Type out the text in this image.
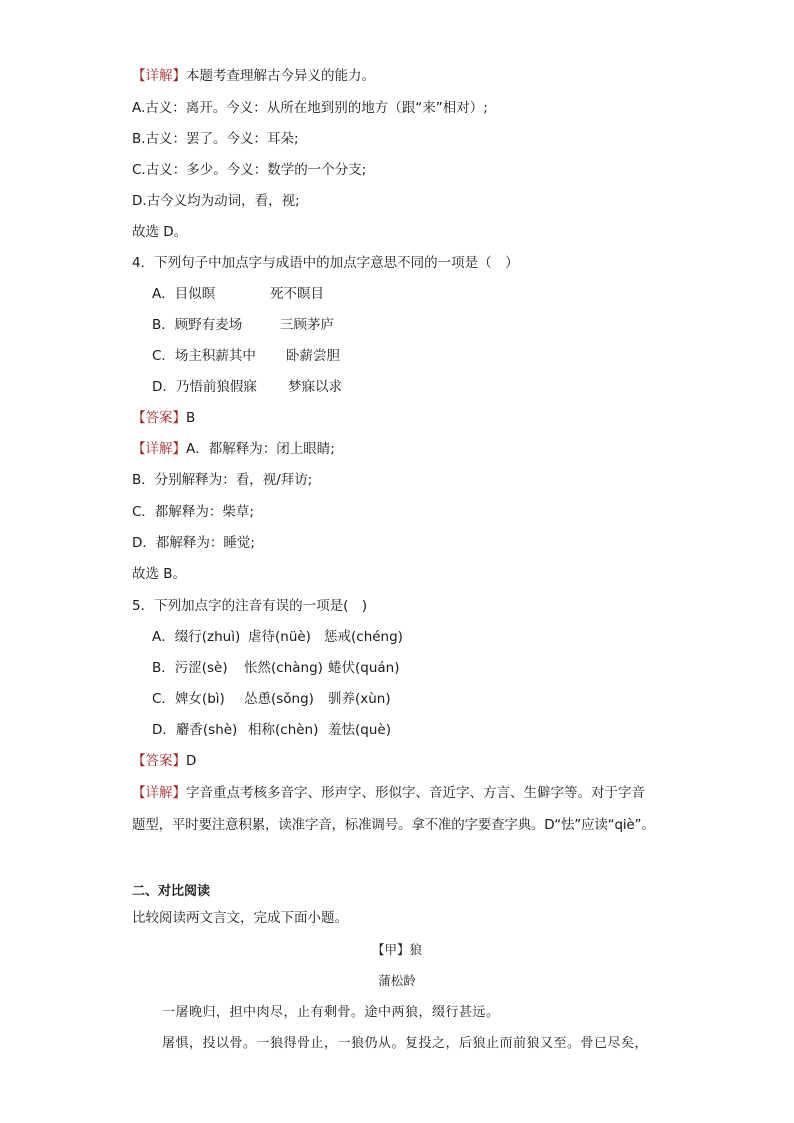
【详解】本题考查理解古今异义的能力。
A.古义：离开。今义：从所在地到别的地方（跟“来”相对）;
B.古义：罢了。今义：耳朵;
C.古义：多少。今义：数学的一个分支;
D.古今义均为动词，看，视;
故选 D。
4．下列句子中加点字与成语中的加点字意思不同的一项是（　）
A．目似瞑	死不瞑目
B．顾野有麦场	三顾茅庐
C．场主积薪其中 卧薪尝胆
D．乃悟前狼假寐 梦寐以求
【答案】B
【详解】A．都解释为：闭上眼睛;
B．分别解释为：看，视/拜访;
C．都解释为：柴草;
D．都解释为：睡觉;
故选 B。
5．下列加点字的注音有误的一项是(　)
A．缀行(zhuì) 虐待(nüè) 惩戒(chéng)
B．污涩(sè) 怅然(chàng) 蜷伏(quán)
C．婢女(bì) 怂恿(sǒng) 驯养(xùn)
D．麝香(shè) 相称(chèn) 羞怯(què)
【答案】D
【详解】字音重点考核多音字、形声字、形似字、音近字、方言、生僻字等。对于字音
题型，平时要注意积累，读准字音，标准调号。拿不准的字要查字典。D“怯”应读“qiè”。
二、对比阅读
比较阅读两文言文，完成下面小题。
【甲】狼
蒲松龄
一屠晚归，担中肉尽，止有剩骨。途中两狼，缀行甚远。
屠惧，投以骨。一狼得骨止，一狼仍从。复投之，后狼止而前狼又至。骨已尽矣，
